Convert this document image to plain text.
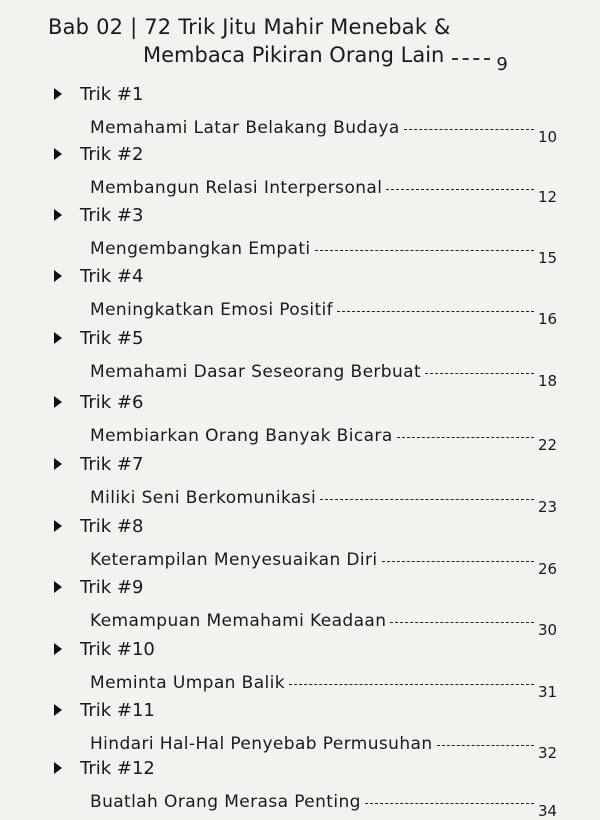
Bab 02 | 72 Trik Jitu Mahir Menebak &
Membaca Pikiran Orang Lain	9
Trik #1
Memahami Latar Belakang Budaya	10
Trik #2
Membangun Relasi Interpersonal	12
Trik #3
Mengembangkan Empati	15
Trik #4
Meningkatkan Emosi Positif	16
Trik #5
Memahami Dasar Seseorang Berbuat	18
Trik #6
Membiarkan Orang Banyak Bicara	22
Trik #7
Miliki Seni Berkomunikasi	23
Trik #8
Keterampilan Menyesuaikan Diri	26
Trik #9
Kemampuan Memahami Keadaan	30
Trik #10
Meminta Umpan Balik	31
Trik #11
Hindari Hal-Hal Penyebab Permusuhan	32
Trik #12
Buatlah Orang Merasa Penting	34
